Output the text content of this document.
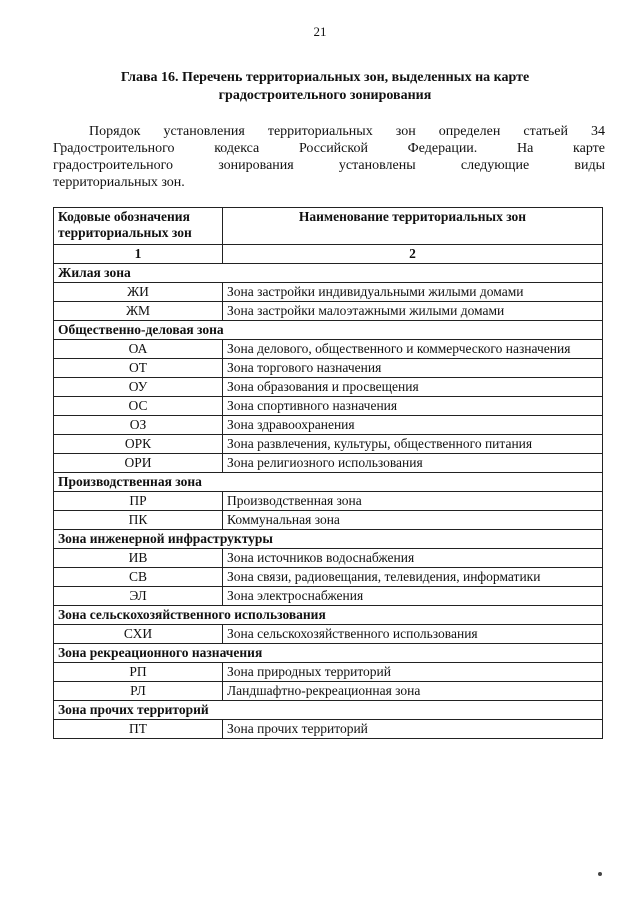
21
Глава 16. Перечень территориальных зон, выделенных на карте
градостроительного зонирования
Порядок установления территориальных зон определен статьей 34
Градостроительного кодекса Российской Федерации. На карте
градостроительного зонирования установлены следующие виды
территориальных зон.
Кодовые обозначения территориальных зон	Наименование территориальных зон
1	2
Жилая зона	
ЖИ	Зона застройки индивидуальными жилыми домами
ЖМ	Зона застройки малоэтажными жилыми домами
Общественно-деловая зона	
ОА	Зона делового, общественного и коммерческого назначения
ОТ	Зона торгового назначения
ОУ	Зона образования и просвещения
ОС	Зона спортивного назначения
ОЗ	Зона здравоохранения
ОРК	Зона развлечения, культуры, общественного питания
ОРИ	Зона религиозного использования
Производственная зона	
ПР	Производственная зона
ПК	Коммунальная зона
Зона инженерной инфраструктуры	
ИВ	Зона источников водоснабжения
СВ	Зона связи, радиовещания, телевидения, информатики
ЭЛ	Зона электроснабжения
Зона сельскохозяйственного использования	
СХИ	Зона сельскохозяйственного использования
Зона рекреационного назначения	
РП	Зона природных территорий
РЛ	Ландшафтно-рекреационная зона
Зона прочих территорий	
ПТ	Зона прочих территорий
